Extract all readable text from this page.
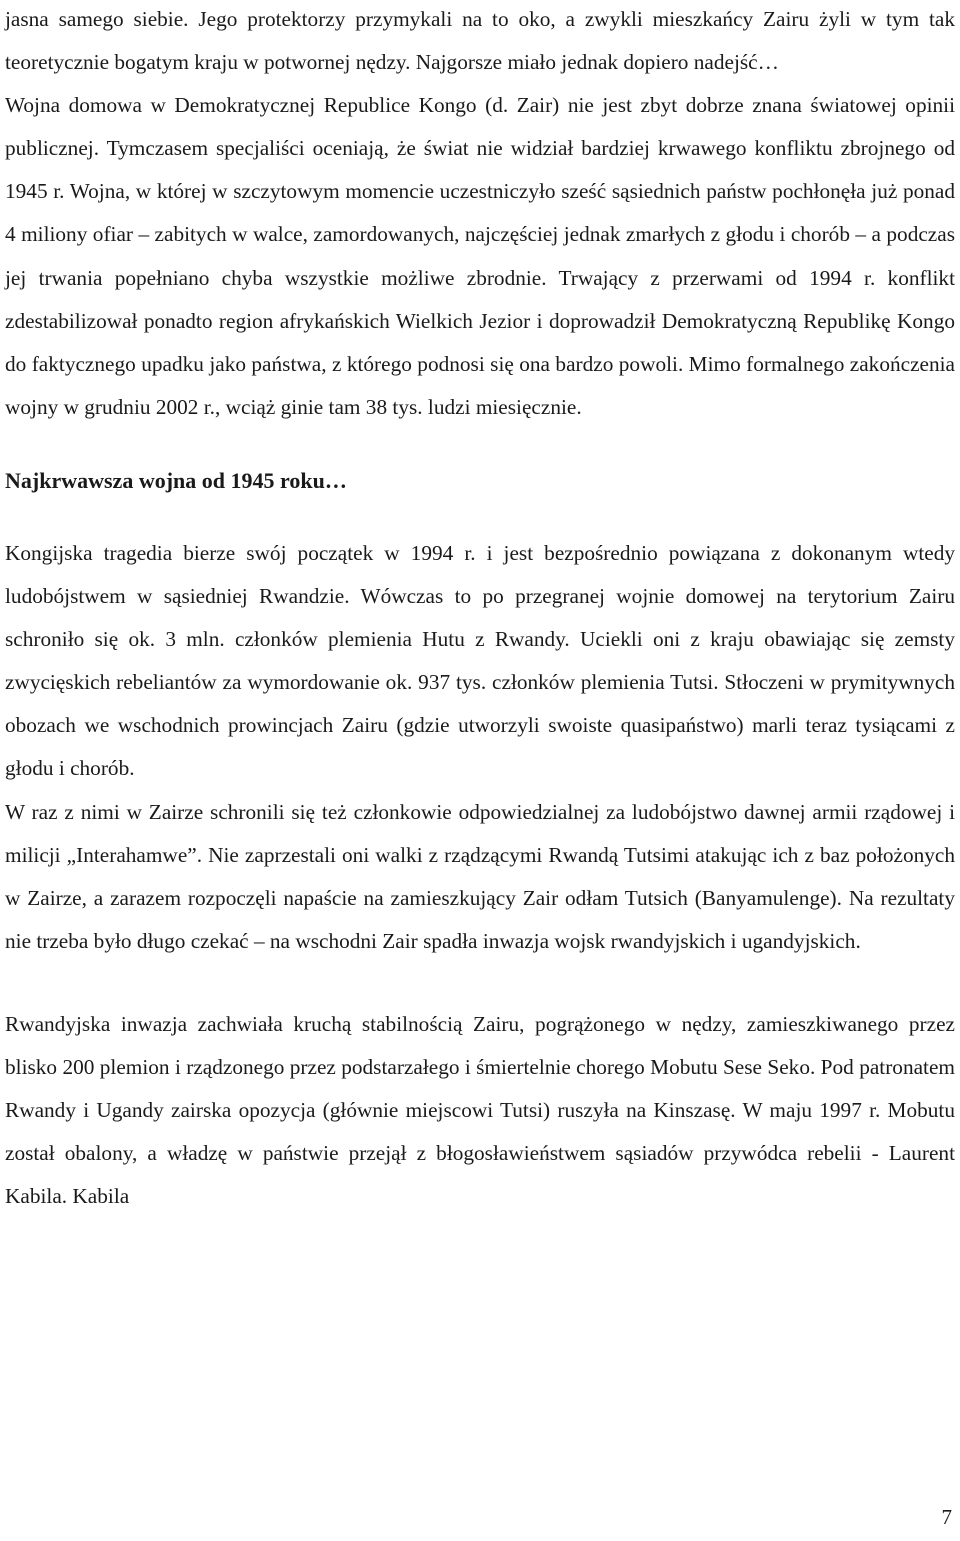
jasna samego siebie. Jego protektorzy przymykali na to oko, a zwykli mieszkańcy Zairu żyli w tym tak teoretycznie bogatym kraju w potwornej nędzy. Najgorsze miało jednak dopiero nadejść…

Wojna domowa w Demokratycznej Republice Kongo (d. Zair) nie jest zbyt dobrze znana światowej opinii publicznej. Tymczasem specjaliści oceniają, że świat nie widział bardziej krwawego konfliktu zbrojnego od 1945 r. Wojna, w której w szczytowym momencie uczestniczyło sześć sąsiednich państw pochłonęła już ponad 4 miliony ofiar – zabitych w walce, zamordowanych, najczęściej jednak zmarłych z głodu i chorób – a podczas jej trwania popełniano chyba wszystkie możliwe zbrodnie. Trwający z przerwami od 1994 r. konflikt zdestabilizował ponadto region afrykańskich Wielkich Jezior i doprowadził Demokratyczną Republikę Kongo do faktycznego upadku jako państwa, z którego podnosi się ona bardzo powoli. Mimo formalnego zakończenia wojny w grudniu 2002 r., wciąż ginie tam 38 tys. ludzi miesięcznie.

Najkrwawsza wojna od 1945 roku…

Kongijska tragedia bierze swój początek w 1994 r. i jest bezpośrednio powiązana z dokonanym wtedy ludobójstwem w sąsiedniej Rwandzie. Wówczas to po przegranej wojnie domowej na terytorium Zairu schroniło się ok. 3 mln. członków plemienia Hutu z Rwandy. Uciekli oni z kraju obawiając się zemsty zwycięskich rebeliantów za wymordowanie ok. 937 tys. członków plemienia Tutsi. Stłoczeni w prymitywnych obozach we wschodnich prowincjach Zairu (gdzie utworzyli swoiste quasipaństwo) marli teraz tysiącami z głodu i chorób.

W raz z nimi w Zairze schronili się też członkowie odpowiedzialnej za ludobójstwo dawnej armii rządowej i milicji „Interahamwe”. Nie zaprzestali oni walki z rządzącymi Rwandą Tutsimi atakując ich z baz położonych w Zairze, a zarazem rozpoczęli napaście na zamieszkujący Zair odłam Tutsich (Banyamulenge). Na rezultaty nie trzeba było długo czekać – na wschodni Zair spadła inwazja wojsk rwandyjskich i ugandyjskich.

Rwandyjska inwazja zachwiała kruchą stabilnością Zairu, pogrążonego w nędzy, zamieszkiwanego przez blisko 200 plemion i rządzonego przez podstarzałego i śmiertelnie chorego Mobutu Sese Seko. Pod patronatem Rwandy i Ugandy zairska opozycja (głównie miejscowi Tutsi) ruszyła na Kinszasę. W maju 1997 r. Mobutu został obalony, a władzę w państwie przejął z błogosławieństwem sąsiadów przywódca rebelii - Laurent Kabila. Kabila

7
